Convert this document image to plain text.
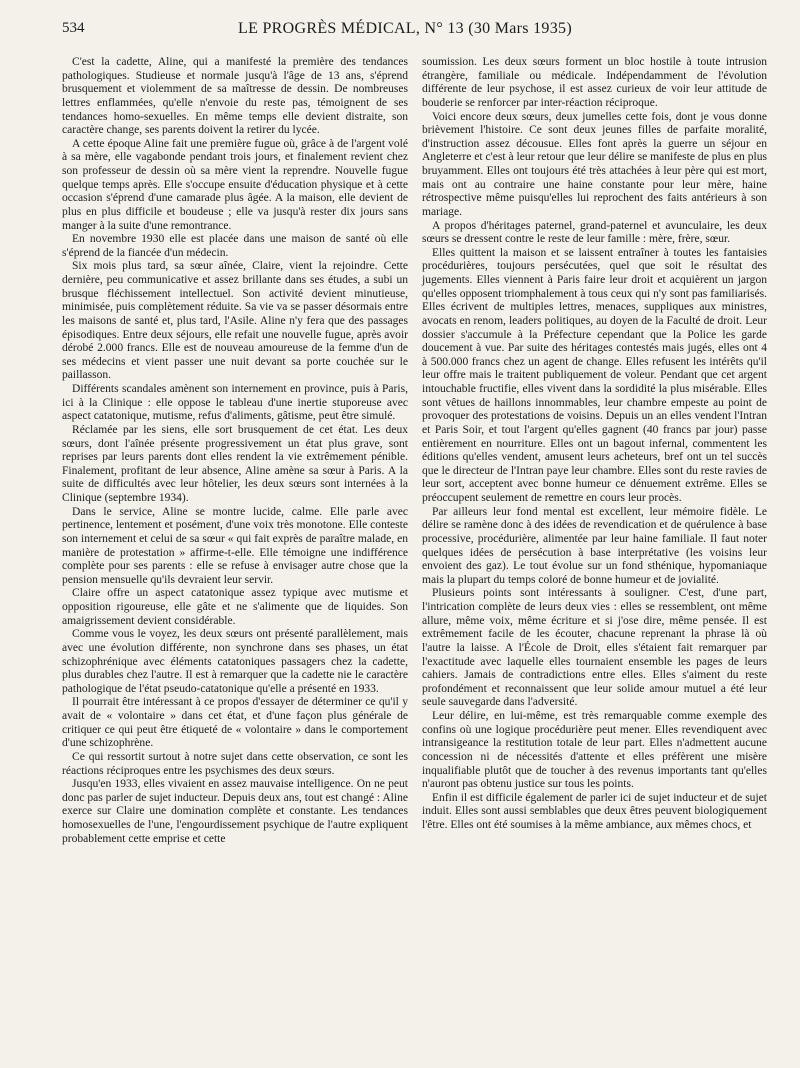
534	LE PROGRÈS MÉDICAL, N° 13 (30 Mars 1935)

C'est la cadette, Aline, qui a manifesté la première des tendances pathologiques. Studieuse et normale jusqu'à l'âge de 13 ans, s'éprend brusquement et violemment de sa maîtresse de dessin. De nombreuses lettres enflammées, qu'elle n'envoie du reste pas, témoignent de ses tendances homo-sexuelles. En même temps elle devient distraite, son caractère change, ses parents doivent la retirer du lycée.

A cette époque Aline fait une première fugue où, grâce à de l'argent volé à sa mère, elle vagabonde pendant trois jours, et finalement revient chez son professeur de dessin où sa mère vient la reprendre. Nouvelle fugue quelque temps après. Elle s'occupe ensuite d'éducation physique et à cette occasion s'éprend d'une camarade plus âgée. A la maison, elle devient de plus en plus difficile et boudeuse ; elle va jusqu'à rester dix jours sans manger à la suite d'une remontrance.

En novembre 1930 elle est placée dans une maison de santé où elle s'éprend de la fiancée d'un médecin.

Six mois plus tard, sa sœur aînée, Claire, vient la rejoindre. Cette dernière, peu communicative et assez brillante dans ses études, a subi un brusque fléchissement intellectuel. Son activité devient minutieuse, minimisée, puis complètement réduite. Sa vie va se passer désormais entre les maisons de santé et, plus tard, l'Asile. Aline n'y fera que des passages épisodiques. Entre deux séjours, elle refait une nouvelle fugue, après avoir dérobé 2.000 francs. Elle est de nouveau amoureuse de la femme d'un de ses médecins et vient passer une nuit devant sa porte couchée sur le paillasson.

Différents scandales amènent son internement en province, puis à Paris, ici à la Clinique : elle oppose le tableau d'une inertie stuporeuse avec aspect catatonique, mutisme, refus d'aliments, gâtisme, peut être simulé.

Réclamée par les siens, elle sort brusquement de cet état. Les deux sœurs, dont l'aînée présente progressivement un état plus grave, sont reprises par leurs parents dont elles rendent la vie extrêmement pénible. Finalement, profitant de leur absence, Aline amène sa sœur à Paris. A la suite de difficultés avec leur hôtelier, les deux sœurs sont internées à la Clinique (septembre 1934).

Dans le service, Aline se montre lucide, calme. Elle parle avec pertinence, lentement et posément, d'une voix très monotone. Elle conteste son internement et celui de sa sœur « qui fait exprès de paraître malade, en manière de protestation » affirme-t-elle. Elle témoigne une indifférence complète pour ses parents : elle se refuse à envisager autre chose que la pension mensuelle qu'ils devraient leur servir.

Claire offre un aspect catatonique assez typique avec mutisme et opposition rigoureuse, elle gâte et ne s'alimente que de liquides. Son amaigrissement devient considérable.

Comme vous le voyez, les deux sœurs ont présenté parallèlement, mais avec une évolution différente, non synchrone dans ses phases, un état schizophrénique avec éléments catatoniques passagers chez la cadette, plus durables chez l'autre. Il est à remarquer que la cadette nie le caractère pathologique de l'état pseudo-catatonique qu'elle a présenté en 1933.

Il pourrait être intéressant à ce propos d'essayer de déterminer ce qu'il y avait de « volontaire » dans cet état, et d'une façon plus générale de critiquer ce qui peut être étiqueté de « volontaire » dans le comportement d'une schizophrène.

Ce qui ressortit surtout à notre sujet dans cette observation, ce sont les réactions réciproques entre les psychismes des deux sœurs.

Jusqu'en 1933, elles vivaient en assez mauvaise intelligence. On ne peut donc pas parler de sujet inducteur. Depuis deux ans, tout est changé : Aline exerce sur Claire une domination complète et constante. Les tendances homosexuelles de l'une, l'engourdissement psychique de l'autre expliquent probablement cette emprise et cette

soumission. Les deux sœurs forment un bloc hostile à toute intrusion étrangère, familiale ou médicale. Indépendamment de l'évolution différente de leur psychose, il est assez curieux de voir leur attitude de bouderie se renforcer par inter-réaction réciproque.

Voici encore deux sœurs, deux jumelles cette fois, dont je vous donne brièvement l'histoire. Ce sont deux jeunes filles de parfaite moralité, d'instruction assez décousue. Elles font après la guerre un séjour en Angleterre et c'est à leur retour que leur délire se manifeste de plus en plus bruyamment. Elles ont toujours été très attachées à leur père qui est mort, mais ont au contraire une haine constante pour leur mère, haine rétrospective même puisqu'elles lui reprochent des faits antérieurs à son mariage.

A propos d'héritages paternel, grand-paternel et avunculaire, les deux sœurs se dressent contre le reste de leur famille : mère, frère, sœur.

Elles quittent la maison et se laissent entraîner à toutes les fantaisies procédurières, toujours persécutées, quel que soit le résultat des jugements. Elles viennent à Paris faire leur droit et acquièrent un jargon qu'elles opposent triomphalement à tous ceux qui n'y sont pas familiarisés. Elles écrivent de multiples lettres, menaces, suppliques aux ministres, avocats en renom, leaders politiques, au doyen de la Faculté de droit. Leur dossier s'accumule à la Préfecture cependant que la Police les garde doucement à vue. Par suite des héritages contestés mais jugés, elles ont 4 à 500.000 francs chez un agent de change. Elles refusent les intérêts qu'il leur offre mais le traitent publiquement de voleur. Pendant que cet argent intouchable fructifie, elles vivent dans la sordidité la plus misérable. Elles sont vêtues de haillons innommables, leur chambre empeste au point de provoquer des protestations de voisins. Depuis un an elles vendent l'Intran et Paris Soir, et tout l'argent qu'elles gagnent (40 francs par jour) passe entièrement en nourriture. Elles ont un bagout infernal, commentent les éditions qu'elles vendent, amusent leurs acheteurs, bref ont un tel succès que le directeur de l'Intran paye leur chambre. Elles sont du reste ravies de leur sort, acceptent avec bonne humeur ce dénuement extrême. Elles se préoccupent seulement de remettre en cours leur procès.

Par ailleurs leur fond mental est excellent, leur mémoire fidèle. Le délire se ramène donc à des idées de revendication et de quérulence à base processive, procédurière, alimentée par leur haine familiale. Il faut noter quelques idées de persécution à base interprétative (les voisins leur envoient des gaz). Le tout évolue sur un fond sthénique, hypomaniaque mais la plupart du temps coloré de bonne humeur et de jovialité.

Plusieurs points sont intéressants à souligner. C'est, d'une part, l'intrication complète de leurs deux vies : elles se ressemblent, ont même allure, même voix, même écriture et si j'ose dire, même pensée. Il est extrêmement facile de les écouter, chacune reprenant la phrase là où l'autre la laisse. A l'École de Droit, elles s'étaient fait remarquer par l'exactitude avec laquelle elles tournaient ensemble les pages de leurs cahiers. Jamais de contradictions entre elles. Elles s'aiment du reste profondément et reconnaissent que leur solide amour mutuel a été leur seule sauvegarde dans l'adversité.

Leur délire, en lui-même, est très remarquable comme exemple des confins où une logique procédurière peut mener. Elles revendiquent avec intransigeance la restitution totale de leur part. Elles n'admettent aucune concession ni de nécessités d'attente et elles préfèrent une misère inqualifiable plutôt que de toucher à des revenus importants tant qu'elles n'auront pas obtenu justice sur tous les points.

Enfin il est difficile également de parler ici de sujet inducteur et de sujet induit. Elles sont aussi semblables que deux êtres peuvent biologiquement l'être. Elles ont été soumises à la même ambiance, aux mêmes chocs, et
